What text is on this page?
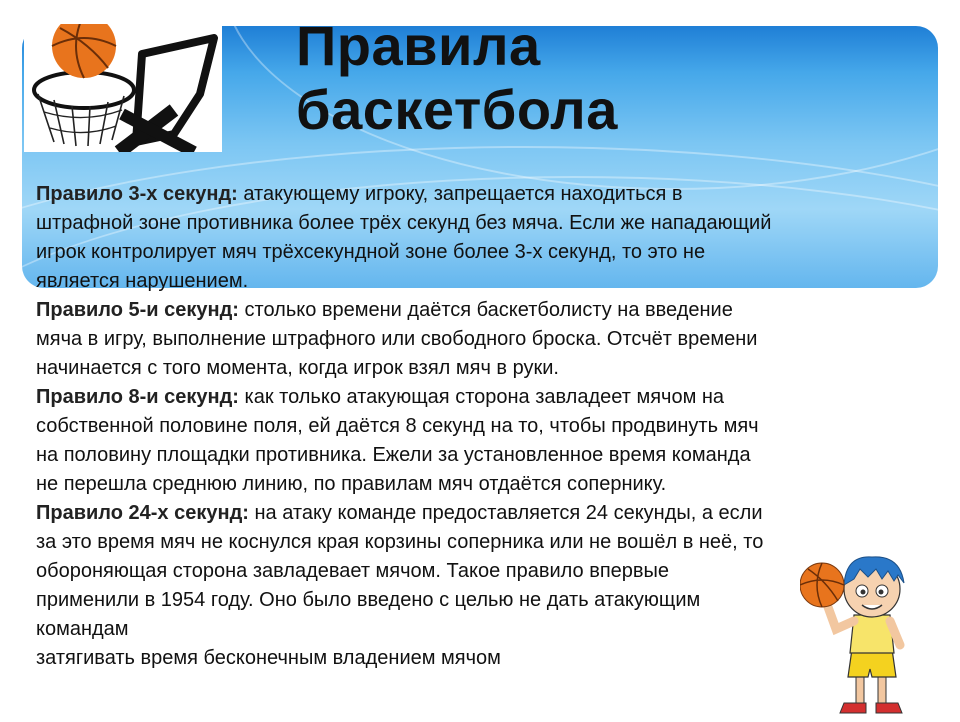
Правила
баскетбола

Правило 3-х секунд: атакующему игроку, запрещается находиться в
штрафной зоне противника более трёх секунд без мяча. Если же нападающий
игрок контролирует мяч трёхсекундной зоне более 3-х секунд, то это не
является нарушением.

Правило 5-и секунд: столько времени даётся баскетболисту на введение
мяча в игру, выполнение штрафного или свободного броска. Отсчёт времени
начинается с того момента, когда игрок взял мяч в руки.

Правило 8-и секунд: как только атакующая сторона завладеет мячом на
собственной половине поля, ей даётся 8 секунд на то, чтобы продвинуть мяч
на половину площадки противника. Ежели за установленное время команда
не перешла среднюю линию, по правилам мяч отдаётся сопернику.

Правило 24-х секунд: на атаку команде предоставляется 24 секунды, а если
за это время мяч не коснулся края корзины соперника или не вошёл в неё, то
обороняющая сторона завладевает мячом. Такое правило впервые
применили в 1954 году. Оно было введено с целью не дать атакующим
командам
затягивать время бесконечным владением мячом
